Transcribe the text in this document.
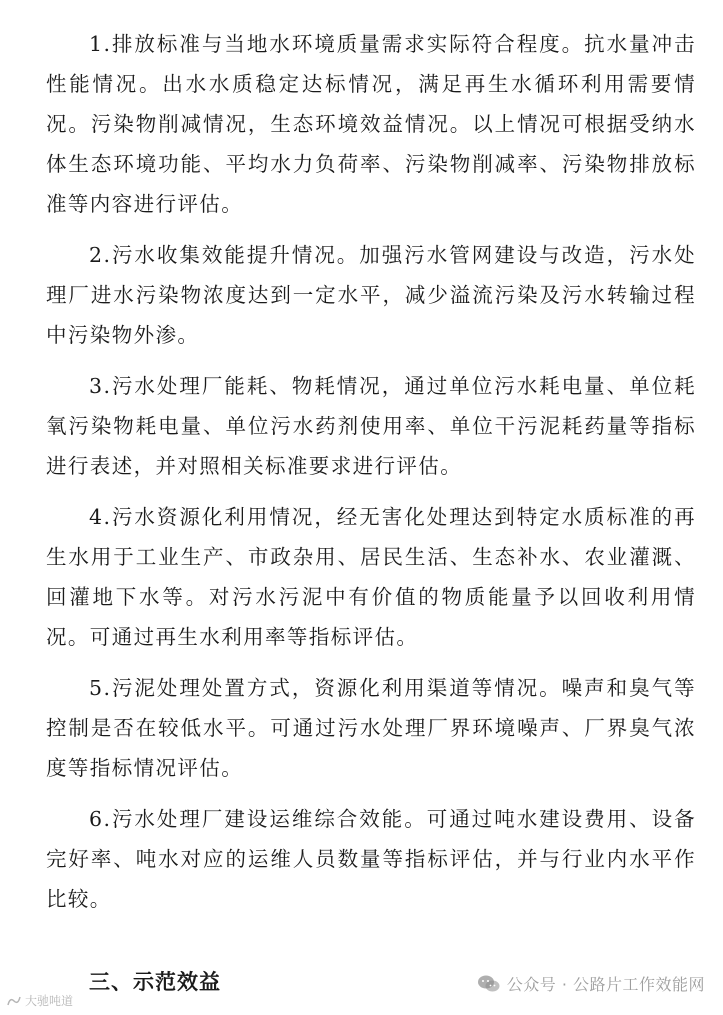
1.排放标准与当地水环境质量需求实际符合程度。抗水量冲击性能情况。出水水质稳定达标情况，满足再生水循环利用需要情况。污染物削减情况，生态环境效益情况。以上情况可根据受纳水体生态环境功能、平均水力负荷率、污染物削减率、污染物排放标准等内容进行评估。

2.污水收集效能提升情况。加强污水管网建设与改造，污水处理厂进水污染物浓度达到一定水平，减少溢流污染及污水转输过程中污染物外渗。

3.污水处理厂能耗、物耗情况，通过单位污水耗电量、单位耗氧污染物耗电量、单位污水药剂使用率、单位干污泥耗药量等指标进行表述，并对照相关标准要求进行评估。

4.污水资源化利用情况，经无害化处理达到特定水质标准的再生水用于工业生产、市政杂用、居民生活、生态补水、农业灌溉、回灌地下水等。对污水污泥中有价值的物质能量予以回收利用情况。可通过再生水利用率等指标评估。

5.污泥处理处置方式，资源化利用渠道等情况。噪声和臭气等控制是否在较低水平。可通过污水处理厂界环境噪声、厂界臭气浓度等指标情况评估。

6.污水处理厂建设运维综合效能。可通过吨水建设费用、设备完好率、吨水对应的运维人员数量等指标评估，并与行业内水平作比较。

三、示范效益
大驰吨道
公众号 · 公路片工作效能网
